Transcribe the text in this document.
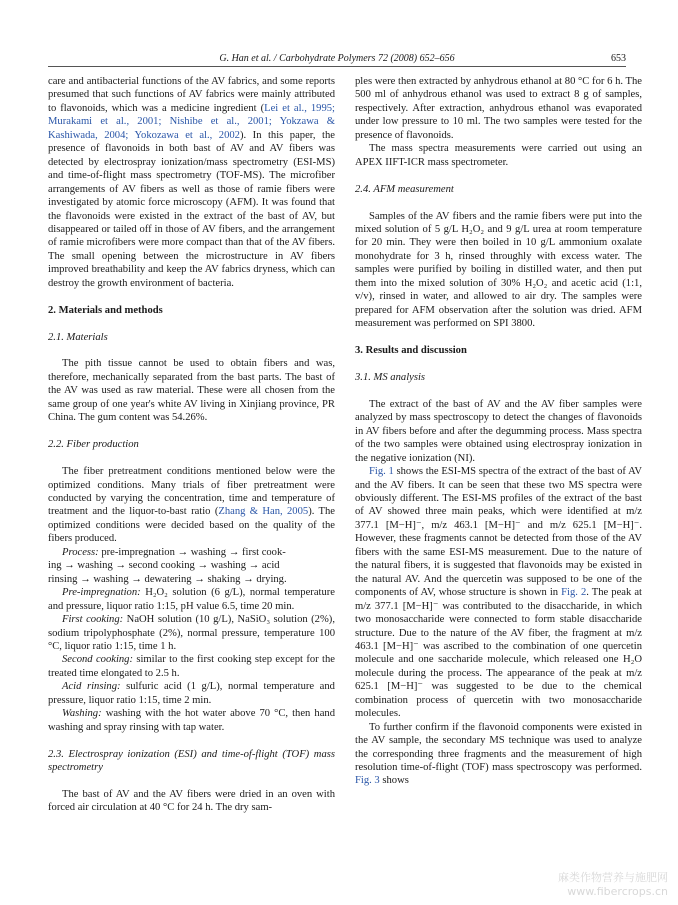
G. Han et al. / Carbohydrate Polymers 72 (2008) 652–656	653

care and antibacterial functions of the AV fabrics, and some reports presumed that such functions of AV fabrics were mainly attributed to flavonoids, which was a medicine ingredient (Lei et al., 1995; Murakami et al., 2001; Nishibe et al., 2001; Yokzawa & Kashiwada, 2004; Yokozawa et al., 2002). In this paper, the presence of flavonoids in both bast of AV and AV fibers was detected by electrospray ionization/mass spectrometry (ESI-MS) and time-of-flight mass spectrometry (TOF-MS). The microfiber arrangements of AV fibers as well as those of ramie fibers were investigated by atomic force microscopy (AFM). It was found that the flavonoids were existed in the extract of the bast of AV, but disappeared or tailed off in those of AV fibers, and the arrangement of ramie microfibers were more compact than that of the AV fibers. The small opening between the microstructure in AV fibers improved breathability and keep the AV fabrics dryness, which can destroy the growth environment of bacteria.

2. Materials and methods
2.1. Materials

The pith tissue cannot be used to obtain fibers and was, therefore, mechanically separated from the bast parts. The bast of the AV was used as raw material. These were all chosen from the same group of one year's white AV living in Xinjiang province, PR China. The gum content was 54.26%.

2.2. Fiber production

The fiber pretreatment conditions mentioned below were the optimized conditions. Many trials of fiber pretreatment were conducted by varying the concentration, time and temperature of treatment and the liquor-to-bast ratio (Zhang & Han, 2005). The optimized conditions were decided based on the quality of the fibers produced.

Process: pre-impregnation → washing → first cook-
ing → washing → second cooking → washing → acid
rinsing → washing → dewatering → shaking → drying.

Pre-impregnation: H₂O₂ solution (6 g/L), normal temperature and pressure, liquor ratio 1:15, pH value 6.5, time 20 min.

First cooking: NaOH solution (10 g/L), NaSiO₃ solution (2%), sodium tripolyphosphate (2%), normal pressure, temperature 100 °C, liquor ratio 1:15, time 1 h.

Second cooking: similar to the first cooking step except for the treated time elongated to 2.5 h.

Acid rinsing: sulfuric acid (1 g/L), normal temperature and pressure, liquor ratio 1:15, time 2 min.

Washing: washing with the hot water above 70 °C, then hand washing and spray rinsing with tap water.

2.3. Electrospray ionization (ESI) and time-of-flight (TOF) mass spectrometry

The bast of AV and the AV fibers were dried in an oven with forced air circulation at 40 °C for 24 h. The dry sam-

ples were then extracted by anhydrous ethanol at 80 °C for 6 h. The 500 ml of anhydrous ethanol was used to extract 8 g of samples, respectively. After extraction, anhydrous ethanol was evaporated under low pressure to 10 ml. The two samples were tested for the presence of flavonoids.

The mass spectra measurements were carried out using an APEX IIFT-ICR mass spectrometer.

2.4. AFM measurement

Samples of the AV fibers and the ramie fibers were put into the mixed solution of 5 g/L H₂O₂ and 9 g/L urea at room temperature for 20 min. They were then boiled in 10 g/L ammonium oxalate monohydrate for 3 h, rinsed throughly with excess water. The samples were purified by boiling in distilled water, and then put them into the mixed solution of 30% H₂O₂ and acetic acid (1:1, v/v), rinsed in water, and allowed to air dry. The samples were prepared for AFM observation after the solution was dried. AFM measurement was performed on SPI 3800.

3. Results and discussion
3.1. MS analysis

The extract of the bast of AV and the AV fiber samples were analyzed by mass spectroscopy to detect the changes of flavonoids in AV fibers before and after the degumming process. Mass spectra of the two samples were obtained using electrospray ionization in the negative ionization (NI).

Fig. 1 shows the ESI-MS spectra of the extract of the bast of AV and the AV fibers. It can be seen that these two MS spectra were obviously different. The ESI-MS profiles of the extract of the bast of AV showed three main peaks, which were identified at m/z 377.1 [M−H]⁻, m/z 463.1 [M−H]⁻ and m/z 625.1 [M−H]⁻. However, these fragments cannot be detected from those of the AV fibers with the same ESI-MS measurement. Due to the nature of the natural fibers, it is suggested that flavonoids may be existed in the natural AV. And the quercetin was supposed to be one of the components of AV, whose structure is shown in Fig. 2. The peak at m/z 377.1 [M−H]⁻ was contributed to the disaccharide, in which two monosaccharide were connected to form stable disaccharide structure. Due to the nature of the AV fiber, the fragment at m/z 463.1 [M−H]⁻ was ascribed to the combination of one quercetin molecule and one saccharide molecule, which released one H₂O molecule during the process. The appearance of the peak at m/z 625.1 [M−H]⁻ was suggested to be due to the chemical combination process of quercetin with two monosaccharide molecules.

To further confirm if the flavonoid components were existed in the AV sample, the secondary MS technique was used to analyze the corresponding three fragments and the measurement of high resolution time-of-flight (TOF) mass spectroscopy was performed. Fig. 3 shows

麻类作物营养与施肥网
www.fibercrops.cn
